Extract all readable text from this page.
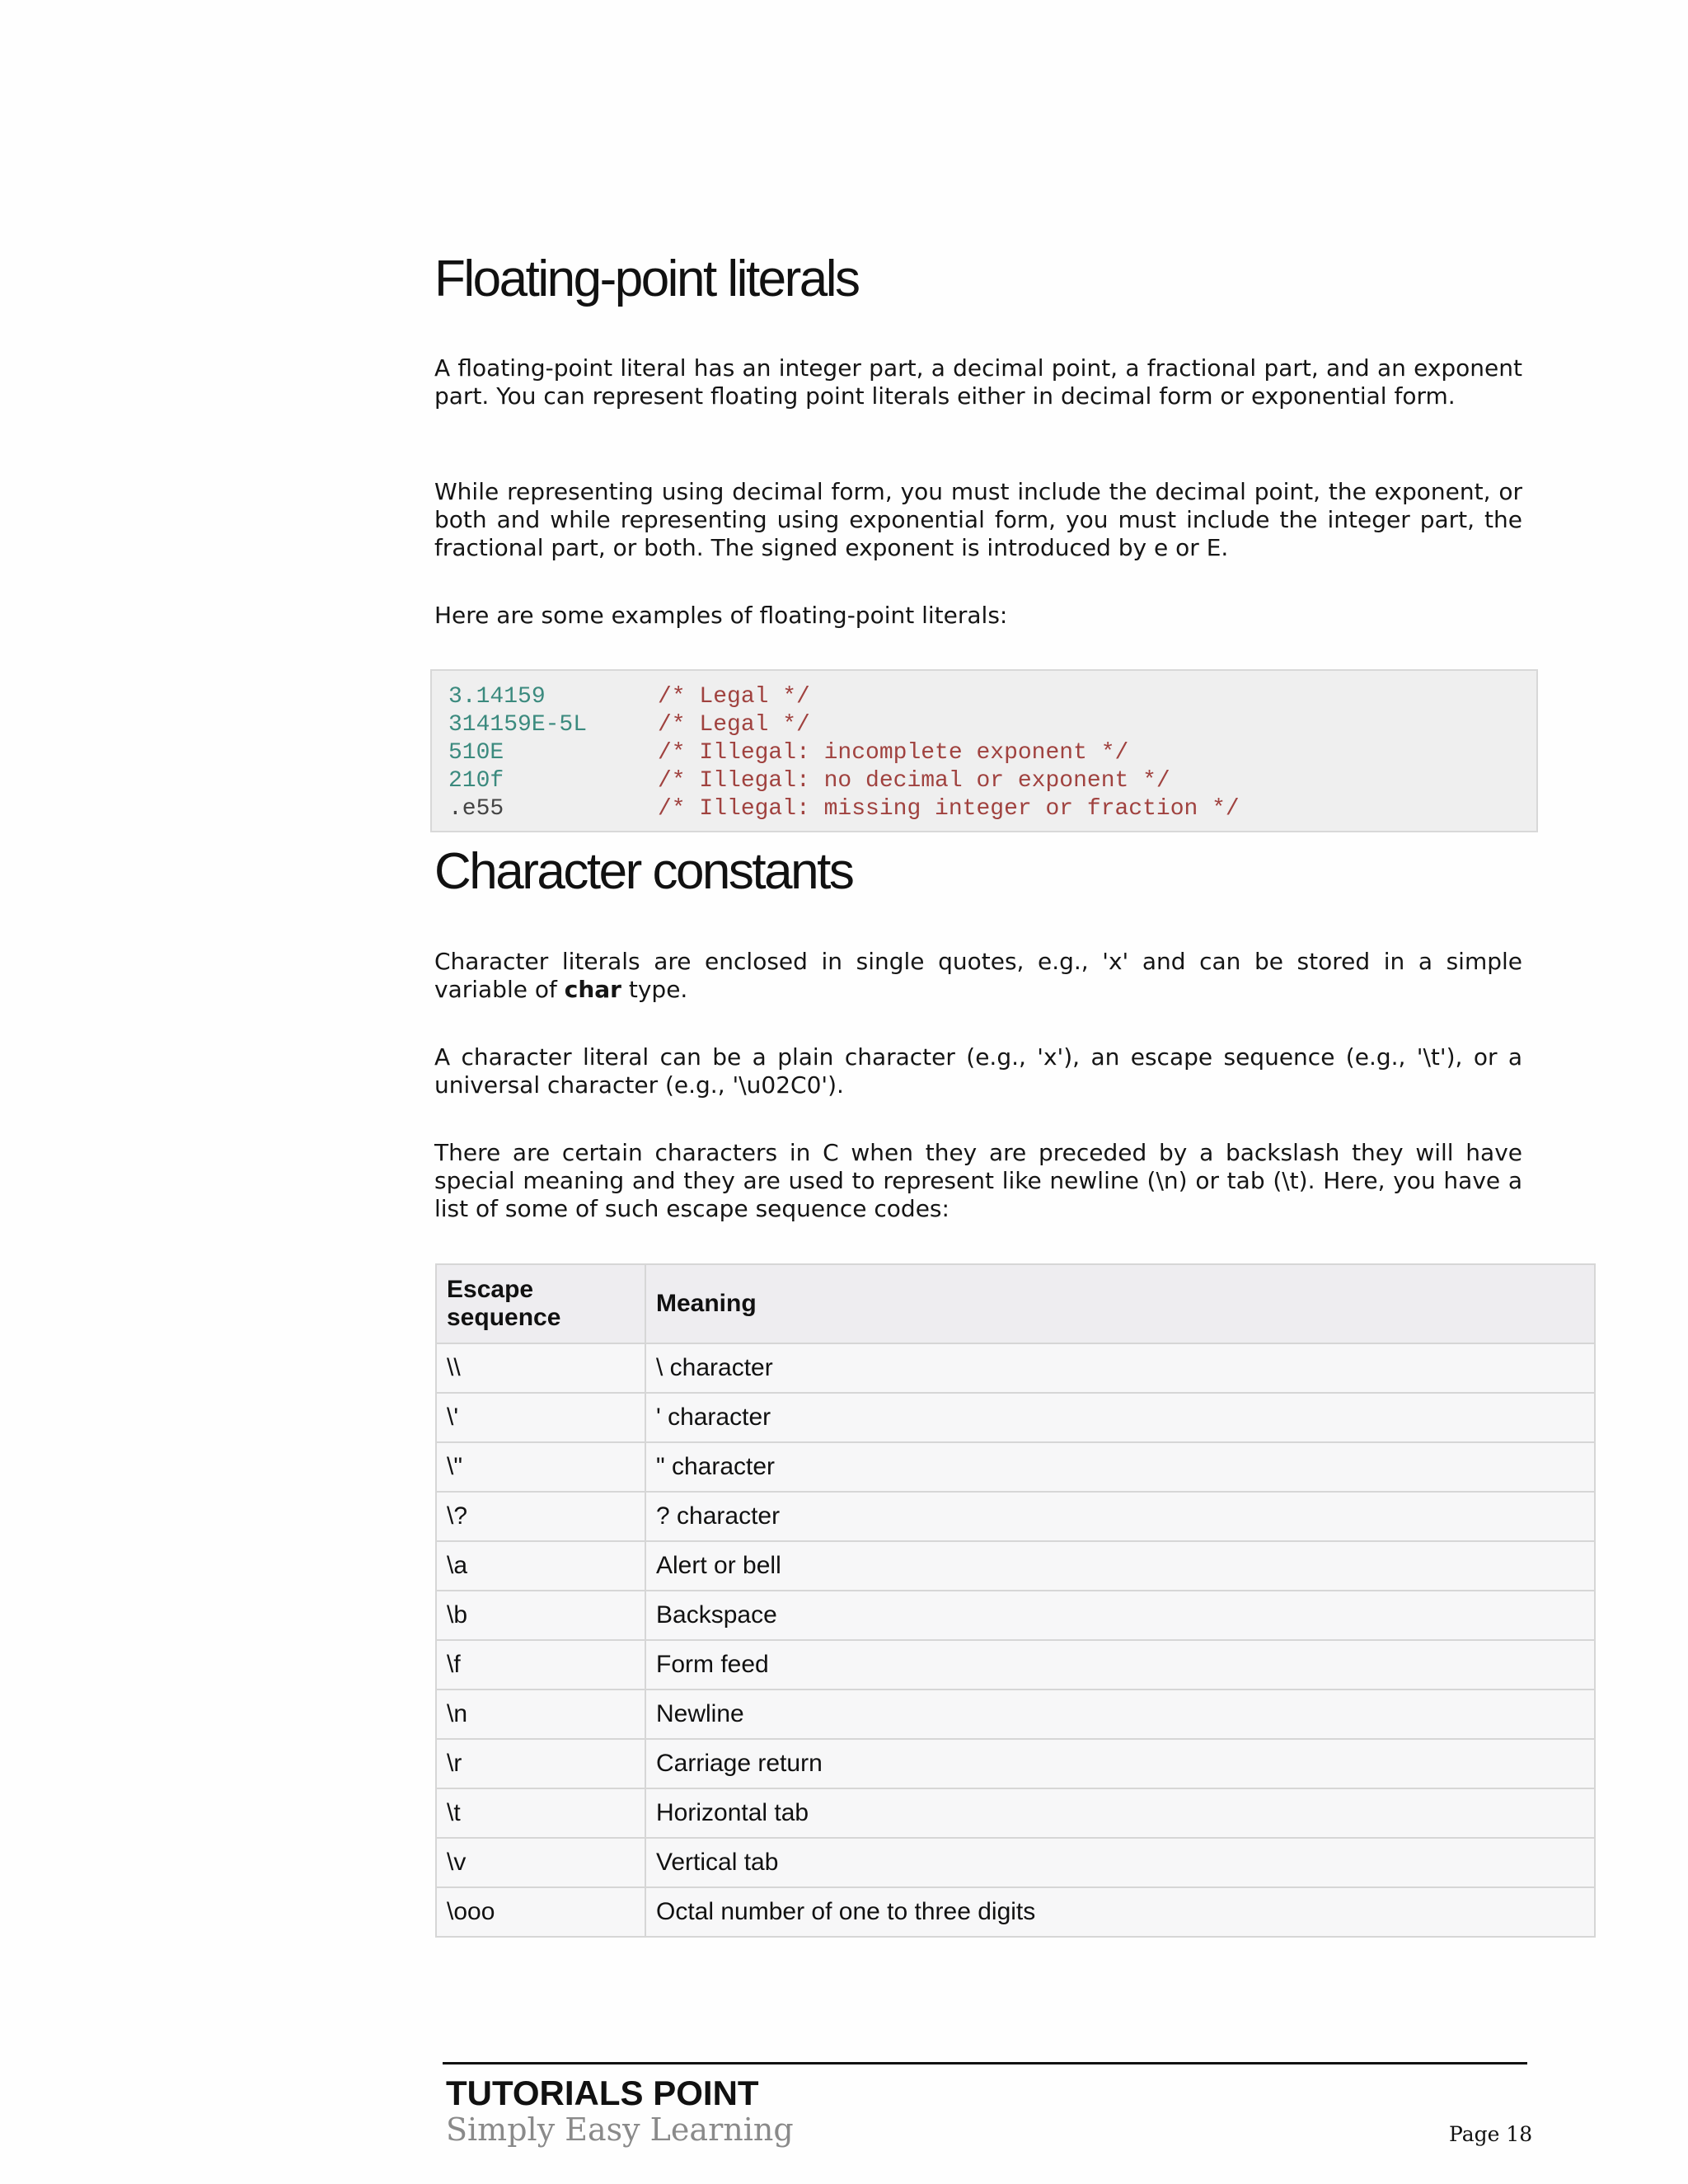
Floating-point literals

A floating-point literal has an integer part, a decimal point, a fractional part, and an exponent part. You can represent floating point literals either in decimal form or exponential form.

While representing using decimal form, you must include the decimal point, the exponent, or both and while representing using exponential form, you must include the integer part, the fractional part, or both. The signed exponent is introduced by e or E.

Here are some examples of floating-point literals:

3.14159	/* Legal */
314159E-5L	/* Legal */
510E	/* Illegal: incomplete exponent */
210f	/* Illegal: no decimal or exponent */
.e55	/* Illegal: missing integer or fraction */
Character constants

Character literals are enclosed in single quotes, e.g., 'x' and can be stored in a simple variable of char type.

A character literal can be a plain character (e.g., 'x'), an escape sequence (e.g., '\t'), or a universal character (e.g., '\u02C0').

There are certain characters in C when they are preceded by a backslash they will have special meaning and they are used to represent like newline (\n) or tab (\t). Here, you have a list of some of such escape sequence codes:

Escape sequence	Meaning
\\	\ character
\'	' character
\"	" character
\?	? character
\a	Alert or bell
\b	Backspace
\f	Form feed
\n	Newline
\r	Carriage return
\t	Horizontal tab
\v	Vertical tab
\ooo	Octal number of one to three digits

TUTORIALS POINT

Simply Easy Learning	Page 18
